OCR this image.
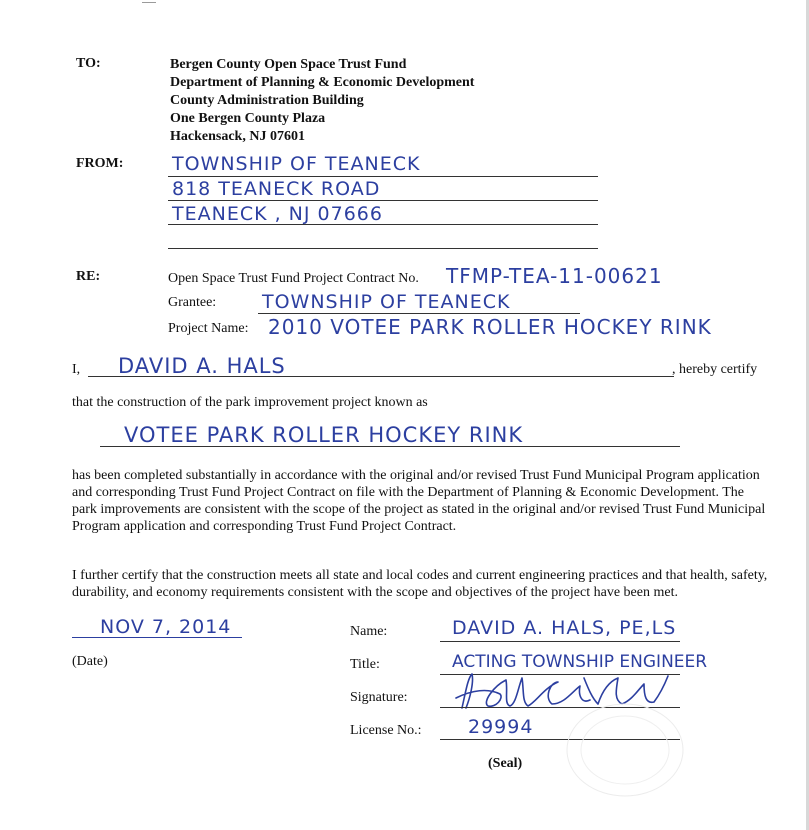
TO:	Bergen County Open Space Trust Fund
Department of Planning & Economic Development
County Administration Building
One Bergen County Plaza
Hackensack, NJ 07601
FROM:	TOWNSHIP OF TEANECK
818 TEANECK ROAD
TEANECK , NJ 07666
RE:	Open Space Trust Fund Project Contract No. TFMP-TEA-11-00621
Grantee: TOWNSHIP OF TEANECK
Project Name: 2010 VOTEE PARK ROLLER HOCKEY RINK
I, DAVID A. HALS	, hereby certify
that the construction of the park improvement project known as
VOTEE PARK ROLLER HOCKEY RINK
has been completed substantially in accordance with the original and/or revised Trust Fund Municipal Program application and corresponding Trust Fund Project Contract on file with the Department of Planning & Economic Development. The park improvements are consistent with the scope of the project as stated in the original and/or revised Trust Fund Municipal Program application and corresponding Trust Fund Project Contract.
I further certify that the construction meets all state and local codes and current engineering practices and that health, safety, durability, and economy requirements consistent with the scope and objectives of the project have been met.
NOV 7, 2014
(Date)
Name:	DAVID A. HALS, PE,LS
Title:	ACTING TOWNSHIP ENGINEER
Signature:
License No.: 29994
(Seal)
